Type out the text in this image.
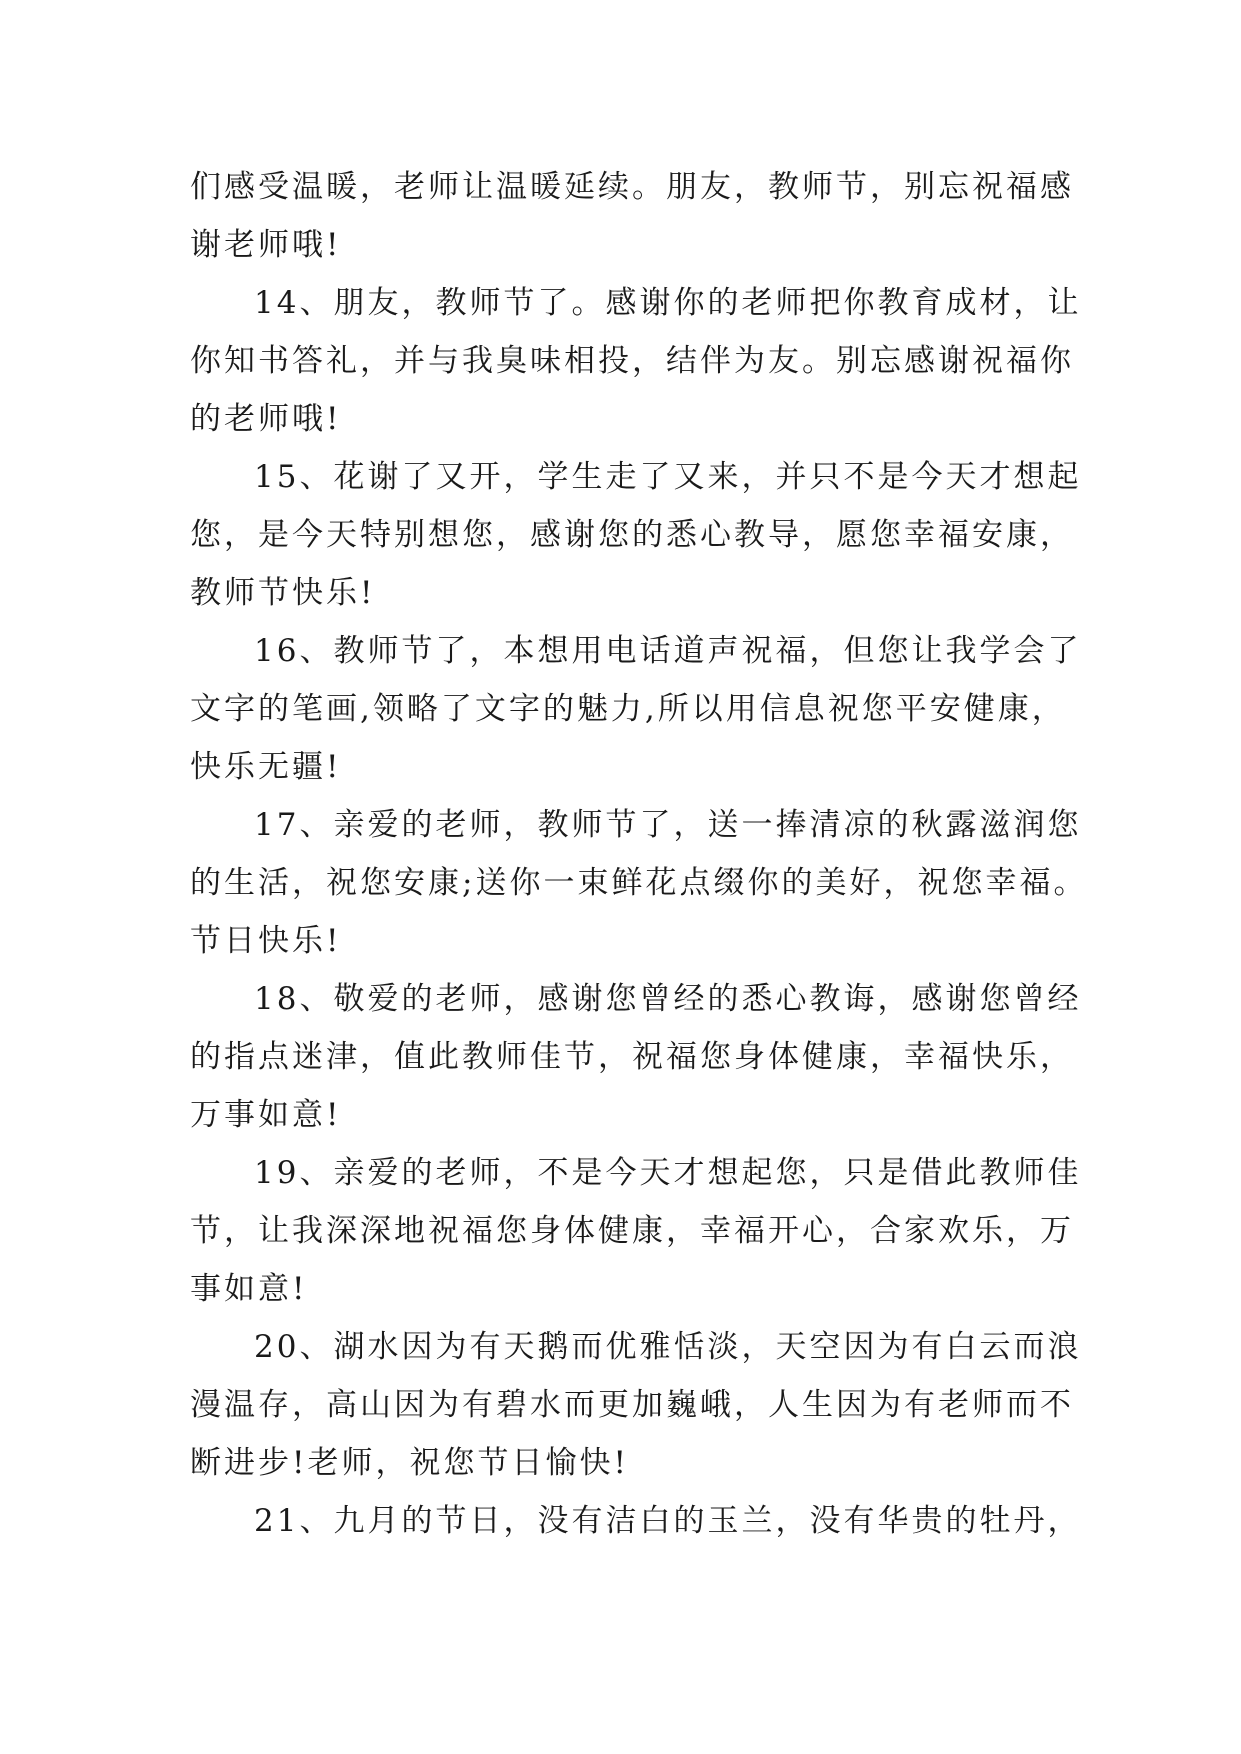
们感受温暖，老师让温暖延续。朋友，教师节，别忘祝福感
谢老师哦!
14、朋友，教师节了。感谢你的老师把你教育成材，让
你知书答礼，并与我臭味相投，结伴为友。别忘感谢祝福你
的老师哦!
15、花谢了又开，学生走了又来，并只不是今天才想起
您，是今天特别想您，感谢您的悉心教导，愿您幸福安康，
教师节快乐!
16、教师节了，本想用电话道声祝福，但您让我学会了
文字的笔画,领略了文字的魅力,所以用信息祝您平安健康，
快乐无疆!
17、亲爱的老师，教师节了，送一捧清凉的秋露滋润您
的生活，祝您安康;送你一束鲜花点缀你的美好，祝您幸福。
节日快乐!
18、敬爱的老师，感谢您曾经的悉心教诲，感谢您曾经
的指点迷津，值此教师佳节，祝福您身体健康，幸福快乐，
万事如意!
19、亲爱的老师，不是今天才想起您，只是借此教师佳
节，让我深深地祝福您身体健康，幸福开心，合家欢乐，万
事如意!
20、湖水因为有天鹅而优雅恬淡，天空因为有白云而浪
漫温存，高山因为有碧水而更加巍峨，人生因为有老师而不
断进步!老师，祝您节日愉快!
21、九月的节日，没有洁白的玉兰，没有华贵的牡丹，
